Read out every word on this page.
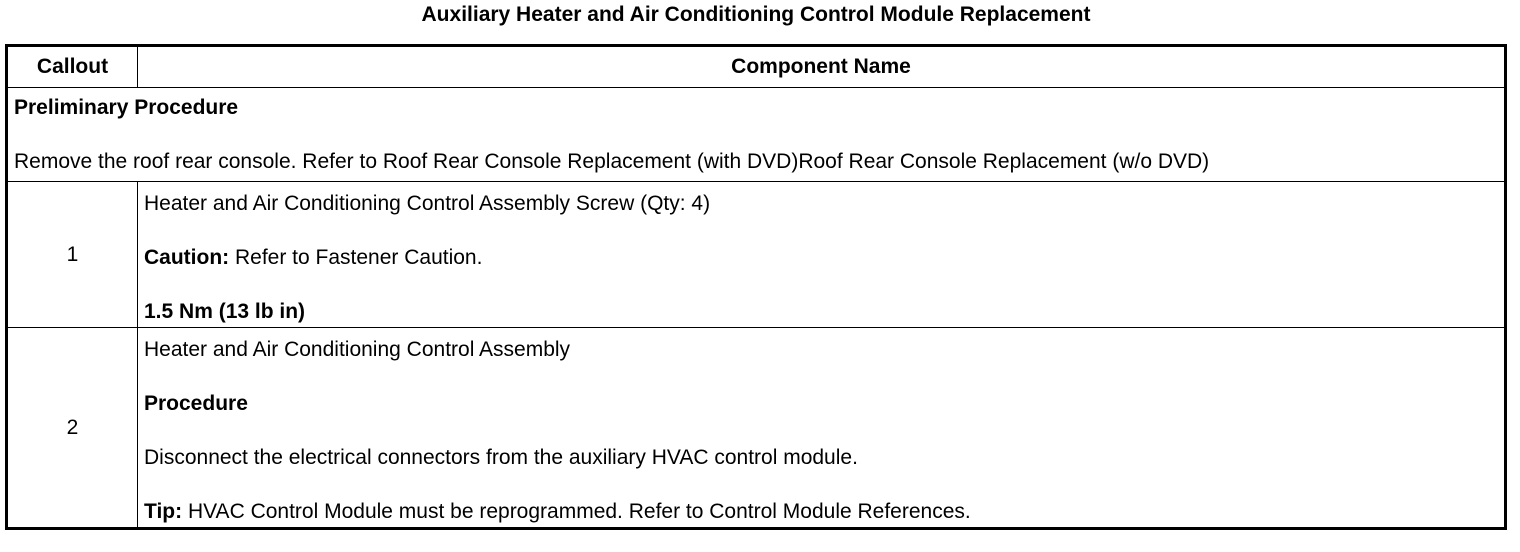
Auxiliary Heater and Air Conditioning Control Module Replacement
Callout	Component Name

Preliminary Procedure
Remove the roof rear console. Refer to Roof Rear Console Replacement (with DVD)Roof Rear Console Replacement (w/o DVD)	

1	Heater and Air Conditioning Control Assembly Screw (Qty: 4)
Caution: Refer to Fastener Caution.
1.5 Nm (13 lb in)

2	Heater and Air Conditioning Control Assembly
Procedure
Disconnect the electrical connectors from the auxiliary HVAC control module.
Tip: HVAC Control Module must be reprogrammed. Refer to Control Module References.
